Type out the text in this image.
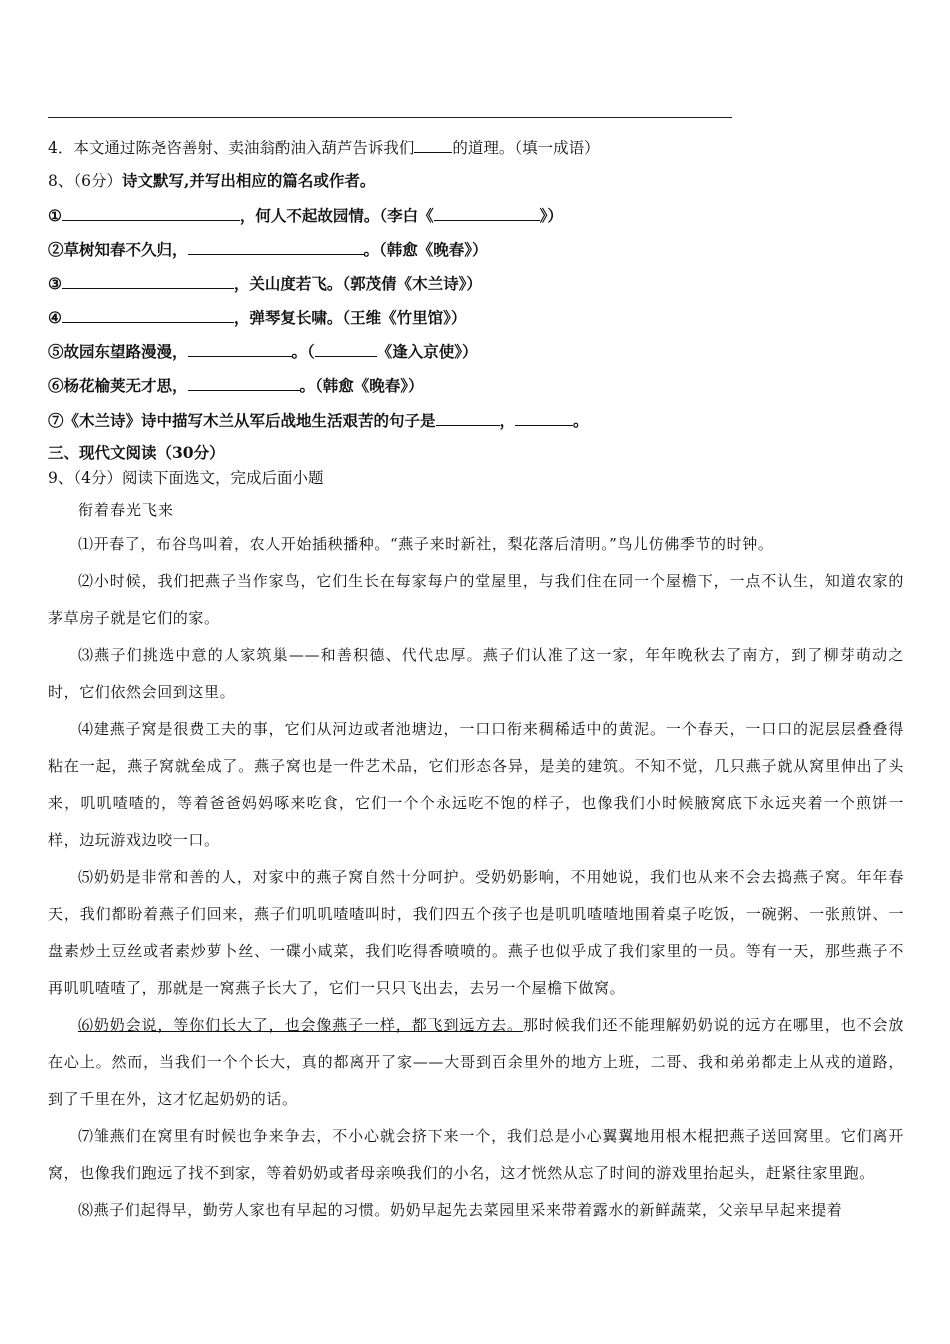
4．本文通过陈尧咨善射、卖油翁酌油入葫芦告诉我们 的道理。（填一成语）
8、（6分）诗文默写,并写出相应的篇名或作者。
①	，何人不起故园情。（李白《	》）
②草树知春不久归，	。（韩愈《晚春》）
③	，关山度若飞。（郭茂倩《木兰诗》）
④	，弹琴复长啸。（王维《竹里馆》）
⑤故园东望路漫漫，	。（	《逢入京使》）
⑥杨花榆荚无才思，	。（韩愈《晚春》）
⑦《木兰诗》诗中描写木兰从军后战地生活艰苦的句子是	，	。
三、现代文阅读（30分）
9、（4分）阅读下面选文，完成后面小题
衔着春光飞来

⑴开春了，布谷鸟叫着，农人开始插秧播种。“燕子来时新社，梨花落后清明。”鸟儿仿佛季节的时钟。

⑵小时候，我们把燕子当作家鸟，它们生长在每家每户的堂屋里，与我们住在同一个屋檐下，一点不认生，知道农家的茅草房子就是它们的家。

⑶燕子们挑选中意的人家筑巢——和善积德、代代忠厚。燕子们认准了这一家，年年晚秋去了南方，到了柳芽萌动之时，它们依然会回到这里。

⑷建燕子窝是很费工夫的事，它们从河边或者池塘边，一口口衔来稠稀适中的黄泥。一个春天，一口口的泥层层叠叠得粘在一起，燕子窝就垒成了。燕子窝也是一件艺术品，它们形态各异，是美的建筑。不知不觉，几只燕子就从窝里伸出了头来，叽叽喳喳的，等着爸爸妈妈啄来吃食，它们一个个永远吃不饱的样子，也像我们小时候腋窝底下永远夹着一个煎饼一样，边玩游戏边咬一口。

⑸奶奶是非常和善的人，对家中的燕子窝自然十分呵护。受奶奶影响，不用她说，我们也从来不会去捣燕子窝。年年春天，我们都盼着燕子们回来，燕子们叽叽喳喳叫时，我们四五个孩子也是叽叽喳喳地围着桌子吃饭，一碗粥、一张煎饼、一盘素炒土豆丝或者素炒萝卜丝、一碟小咸菜，我们吃得香喷喷的。燕子也似乎成了我们家里的一员。等有一天，那些燕子不再叽叽喳喳了，那就是一窝燕子长大了，它们一只只飞出去，去另一个屋檐下做窝。

⑹奶奶会说，等你们长大了，也会像燕子一样，都飞到远方去。那时候我们还不能理解奶奶说的远方在哪里，也不会放在心上。然而，当我们一个个长大，真的都离开了家——大哥到百余里外的地方上班，二哥、我和弟弟都走上从戎的道路，到了千里在外，这才忆起奶奶的话。

⑺雏燕们在窝里有时候也争来争去，不小心就会挤下来一个，我们总是小心翼翼地用根木棍把燕子送回窝里。它们离开窝，也像我们跑远了找不到家，等着奶奶或者母亲唤我们的小名，这才恍然从忘了时间的游戏里抬起头，赶紧往家里跑。

⑻燕子们起得早，勤劳人家也有早起的习惯。奶奶早起先去菜园里采来带着露水的新鲜蔬菜，父亲早早起来提着
